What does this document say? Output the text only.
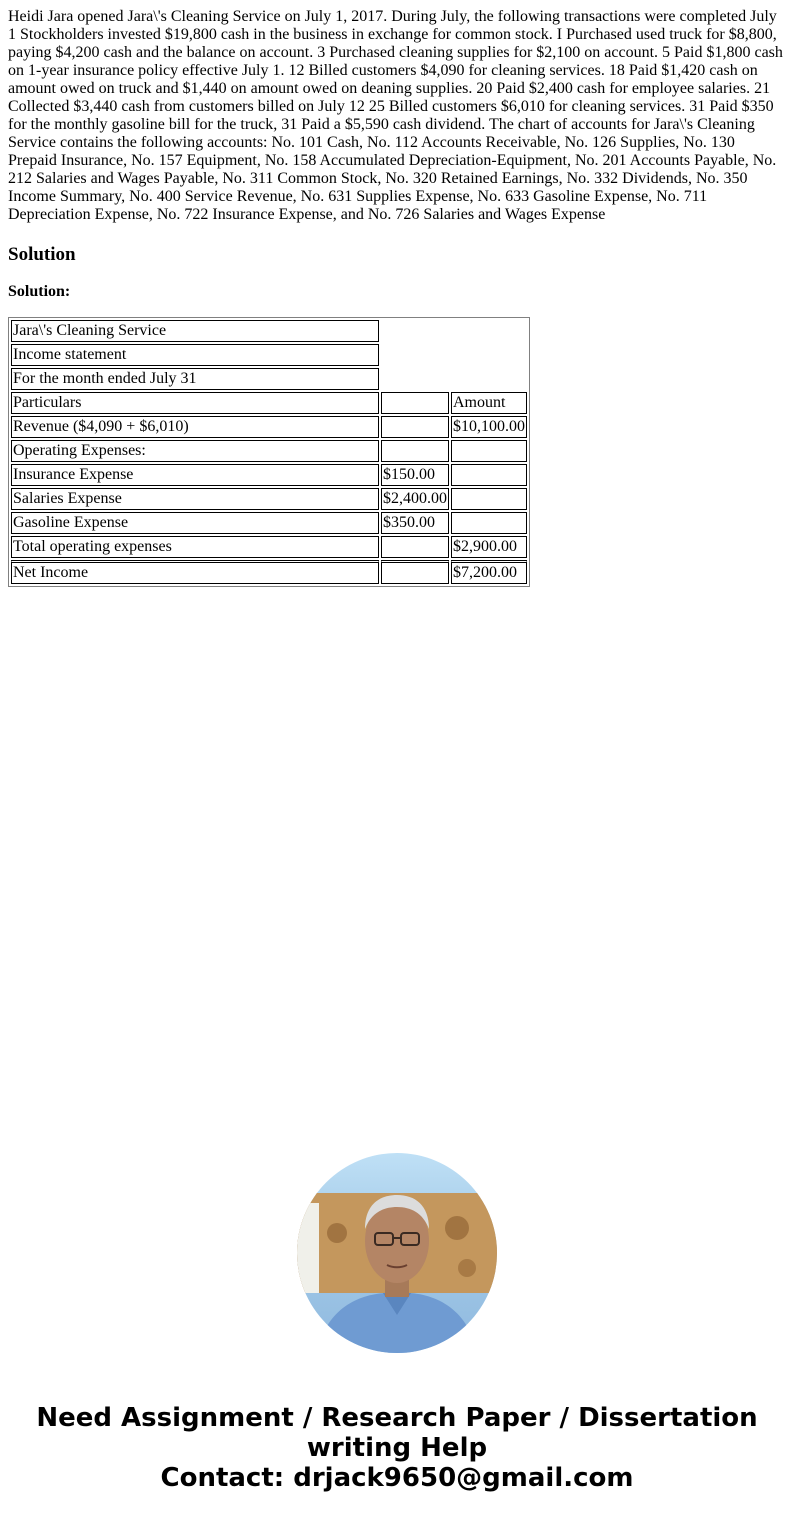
Heidi Jara opened Jara\'s Cleaning Service on July 1, 2017. During July, the following transactions were completed July 1 Stockholders invested $19,800 cash in the business in exchange for common stock. I Purchased used truck for $8,800, paying $4,200 cash and the balance on account. 3 Purchased cleaning supplies for $2,100 on account. 5 Paid $1,800 cash on 1-year insurance policy effective July 1. 12 Billed customers $4,090 for cleaning services. 18 Paid $1,420 cash on amount owed on truck and $1,440 on amount owed on deaning supplies. 20 Paid $2,400 cash for employee salaries. 21 Collected $3,440 cash from customers billed on July 12 25 Billed customers $6,010 for cleaning services. 31 Paid $350 for the monthly gasoline bill for the truck, 31 Paid a $5,590 cash dividend. The chart of accounts for Jara\'s Cleaning Service contains the following accounts: No. 101 Cash, No. 112 Accounts Receivable, No. 126 Supplies, No. 130 Prepaid Insurance, No. 157 Equipment, No. 158 Accumulated Depreciation-Equipment, No. 201 Accounts Payable, No. 212 Salaries and Wages Payable, No. 311 Common Stock, No. 320 Retained Earnings, No. 332 Dividends, No. 350 Income Summary, No. 400 Service Revenue, No. 631 Supplies Expense, No. 633 Gasoline Expense, No. 711 Depreciation Expense, No. 722 Insurance Expense, and No. 726 Salaries and Wages Expense
Solution

Solution:

Jara\'s Cleaning Service		
Income statement		
For the month ended July 31		
Particulars		Amount
Revenue ($4,090 + $6,010)		$10,100.00
Operating Expenses:		
Insurance Expense	$150.00	
Salaries Expense	$2,400.00	
Gasoline Expense	$350.00	
Total operating expenses		$2,900.00
Net Income		$7,200.00
Need Assignment / Research Paper / Dissertation
writing Help
Contact: drjack9650@gmail.com
